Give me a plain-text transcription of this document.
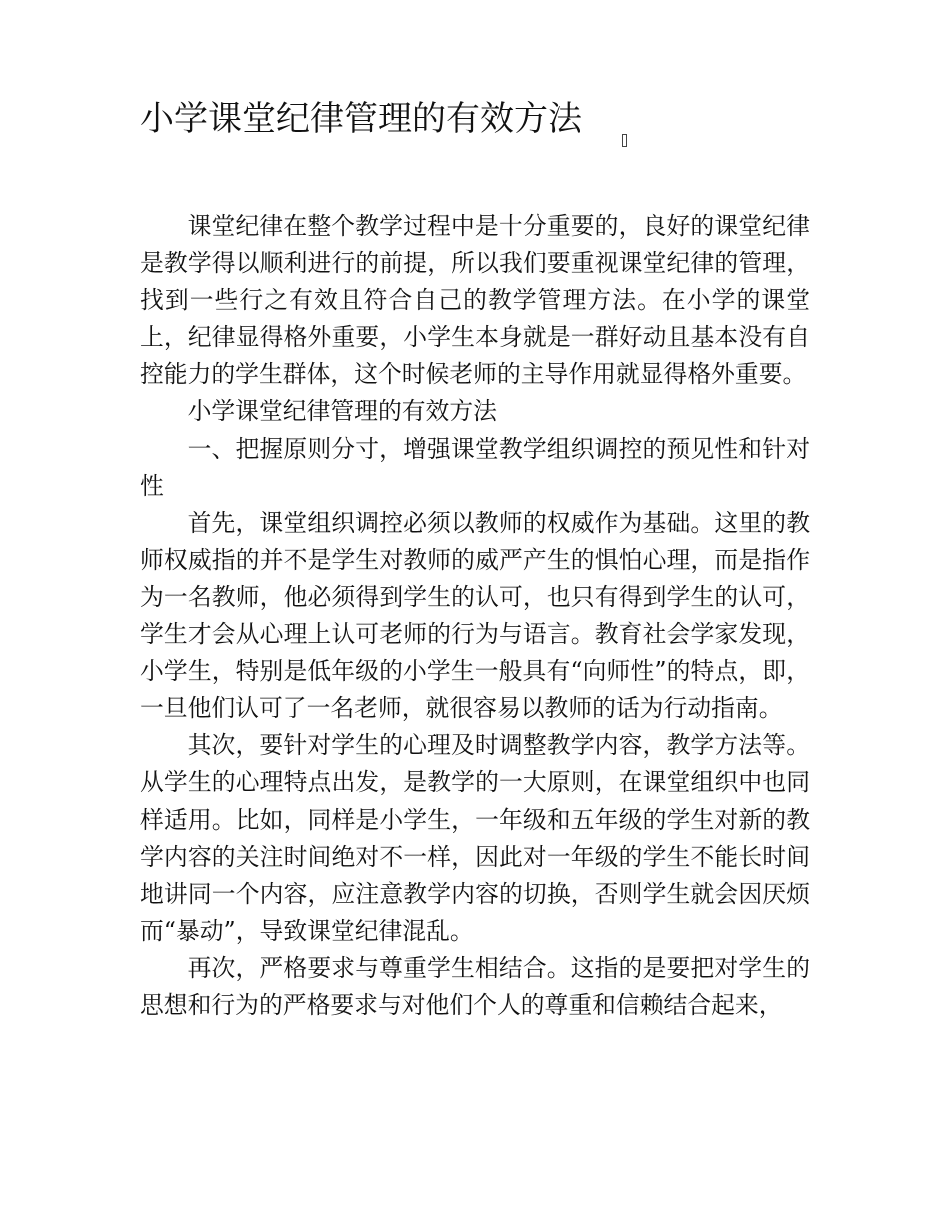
小学课堂纪律管理的有效方法

课堂纪律在整个教学过程中是十分重要的，良好的课堂纪律是教学得以顺利进行的前提，所以我们要重视课堂纪律的管理，找到一些行之有效且符合自己的教学管理方法。在小学的课堂上，纪律显得格外重要，小学生本身就是一群好动且基本没有自控能力的学生群体，这个时候老师的主导作用就显得格外重要。

小学课堂纪律管理的有效方法

一、把握原则分寸，增强课堂教学组织调控的预见性和针对性

首先，课堂组织调控必须以教师的权威作为基础。这里的教师权威指的并不是学生对教师的威严产生的惧怕心理，而是指作为一名教师，他必须得到学生的认可，也只有得到学生的认可，学生才会从心理上认可老师的行为与语言。教育社会学家发现，小学生，特别是低年级的小学生一般具有“向师性”的特点，即，一旦他们认可了一名老师，就很容易以教师的话为行动指南。

其次，要针对学生的心理及时调整教学内容，教学方法等。从学生的心理特点出发，是教学的一大原则，在课堂组织中也同样适用。比如，同样是小学生，一年级和五年级的学生对新的教学内容的关注时间绝对不一样，因此对一年级的学生不能长时间地讲同一个内容，应注意教学内容的切换，否则学生就会因厌烦而“暴动”，导致课堂纪律混乱。

再次，严格要求与尊重学生相结合。这指的是要把对学生的思想和行为的严格要求与对他们个人的尊重和信赖结合起来，
